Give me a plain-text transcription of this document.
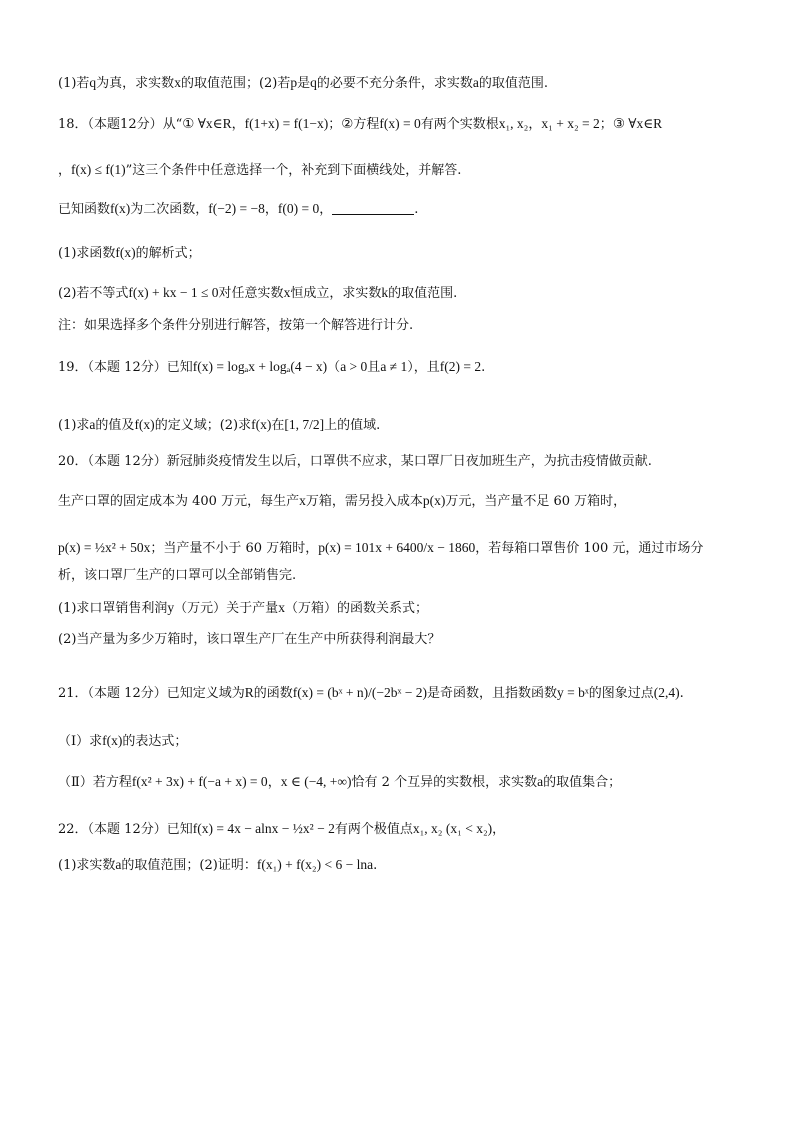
(1)若q为真，求实数x的取值范围；(2)若p是q的必要不充分条件，求实数a的取值范围.
18．（本题12分）从“① ∀x∈R，f(1+x) = f(1−x)；②方程f(x) = 0有两个实数根x₁, x₂，x₁ + x₂ = 2；③ ∀x∈R
，f(x) ≤ f(1)”这三个条件中任意选择一个，补充到下面横线处，并解答.
已知函数f(x)为二次函数，f(−2) = −8，f(0) = 0，	.
(1)求函数f(x)的解析式；
(2)若不等式f(x) + kx − 1 ≤ 0对任意实数x恒成立，求实数k的取值范围.
注：如果选择多个条件分别进行解答，按第一个解答进行计分.
19．（本题 12分）已知f(x) = logₐx + logₐ(4 − x)（a > 0且a ≠ 1），且f(2) = 2.
(1)求a的值及f(x)的定义域；(2)求f(x)在[1, 7/2]上的值域.
20．（本题 12分）新冠肺炎疫情发生以后，口罩供不应求，某口罩厂日夜加班生产，为抗击疫情做贡献.
生产口罩的固定成本为 400 万元，每生产x万箱，需另投入成本p(x)万元，当产量不足 60 万箱时，
p(x) = ½x² + 50x；当产量不小于 60 万箱时，p(x) = 101x + 6400/x − 1860，若每箱口罩售价 100 元，通过市场分
析，该口罩厂生产的口罩可以全部销售完.
(1)求口罩销售利润y（万元）关于产量x（万箱）的函数关系式；
(2)当产量为多少万箱时，该口罩生产厂在生产中所获得利润最大？
21．（本题 12分）已知定义域为R的函数f(x) = (bˣ + n)/(−2bˣ − 2)是奇函数，且指数函数y = bˣ的图象过点(2,4).
（Ⅰ）求f(x)的表达式；
（Ⅱ）若方程f(x² + 3x) + f(−a + x) = 0，x ∈ (−4, +∞)恰有 2 个互异的实数根，求实数a的取值集合；
22．（本题 12分）已知f(x) = 4x − alnx − ½x² − 2有两个极值点x₁, x₂ (x₁ < x₂)，
(1)求实数a的取值范围；(2)证明：f(x₁) + f(x₂) < 6 − lna.
